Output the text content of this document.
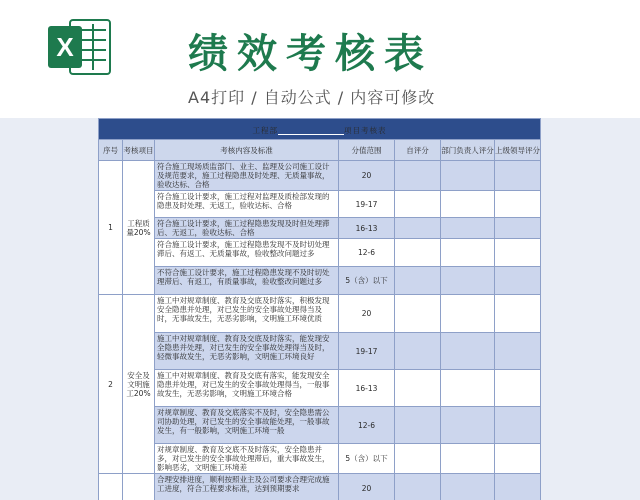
X	绩效考核表
A4打印 / 自动公式 / 内容可修改
工程部 项目考核表						
序号	考核项目	考核内容及标准	分值范围	自评分	部门负责人评分	上级领导评分
1	工程质量20%	符合施工现场质监部门、业主、监理及公司施工设计及规范要求，施工过程隐患及时处理、无质量事故，验收达标、合格	20			
		符合施工设计要求，施工过程对监理及质检部发现的隐患及时处理、无返工，验收达标、合格	19-17			
		符合施工设计要求，施工过程隐患发现及时但处理滞后、无返工，验收达标、合格	16-13			
		符合施工设计要求，施工过程隐患发现不及时切处理滞后、有返工、无质量事故，验收整改问题过多	12-6			
		不符合施工设计要求，施工过程隐患发现不及时切处理滞后、有返工，有质量事故，验收整改问题过多	5（含）以下			
2	安全及文明施工20%	施工中对规章制度、教育及交底及时落实，积极发现安全隐患并处理，对已发生的安全事故处理得当及时，无事故发生，无恶劣影响，文明施工环境优质	20			
		施工中对规章制度、教育及交底及时落实，能发现安全隐患并处理，对已发生的安全事故处理得当及时，轻微事故发生，无恶劣影响，文明施工环境良好	19-17			
		施工中对规章制度、教育及交底有落实，能发现安全隐患并处理，对已发生的安全事故处理得当，一般事故发生，无恶劣影响，文明施工环境合格	16-13			
		对规章制度、教育及交底落实不及时，安全隐患需公司协助处理，对已发生的安全事故能处理，一般事故发生，有一般影响，文明施工环境一般	12-6			
		对规章制度、教育及交底不及时落实，安全隐患并多，对已发生的安全事故处理滞后，重大事故发生，影响恶劣，文明施工环境差	5（含）以下			
		合理安排进度，顺利按照业主及公司要求合理完成施工进度，符合工程要求标准，达到预期要求	20			
